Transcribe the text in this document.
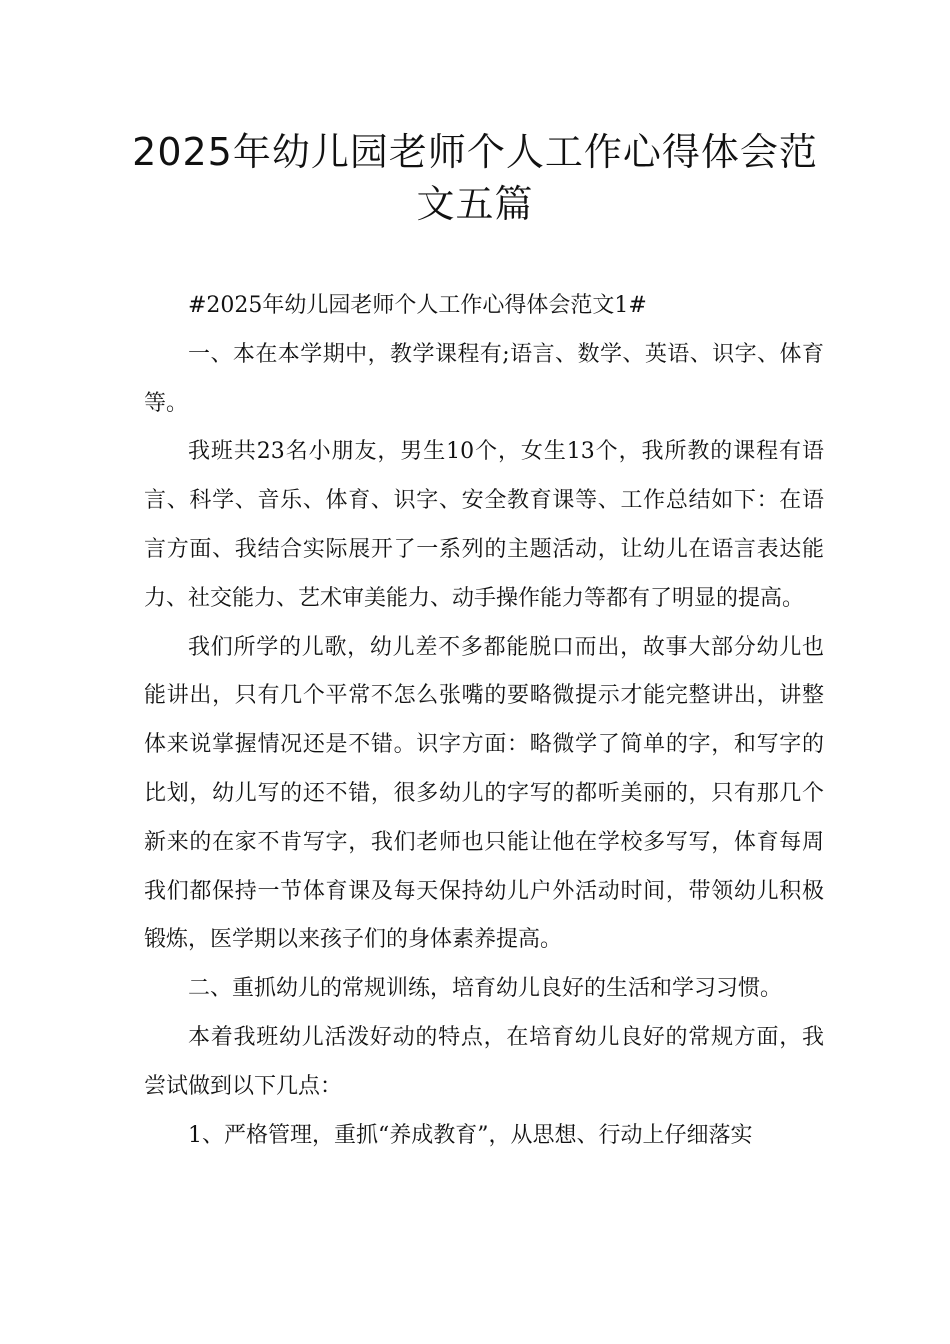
2025年幼儿园老师个人工作心得体会范
文五篇

#2025年幼儿园老师个人工作心得体会范文1#

一、本在本学期中，教学课程有;语言、数学、英语、识字、体育等。

我班共23名小朋友，男生10个，女生13个，我所教的课程有语言、科学、音乐、体育、识字、安全教育课等、工作总结如下：在语言方面、我结合实际展开了一系列的主题活动，让幼儿在语言表达能力、社交能力、艺术审美能力、动手操作能力等都有了明显的提高。

我们所学的儿歌，幼儿差不多都能脱口而出，故事大部分幼儿也能讲出，只有几个平常不怎么张嘴的要略微提示才能完整讲出，讲整体来说掌握情况还是不错。识字方面：略微学了简单的字，和写字的比划，幼儿写的还不错，很多幼儿的字写的都听美丽的，只有那几个新来的在家不肯写字，我们老师也只能让他在学校多写写，体育每周我们都保持一节体育课及每天保持幼儿户外活动时间，带领幼儿积极锻炼，医学期以来孩子们的身体素养提高。

二、重抓幼儿的常规训练，培育幼儿良好的生活和学习习惯。

本着我班幼儿活泼好动的特点，在培育幼儿良好的常规方面，我尝试做到以下几点：

1、严格管理，重抓“养成教育”，从思想、行动上仔细落实
